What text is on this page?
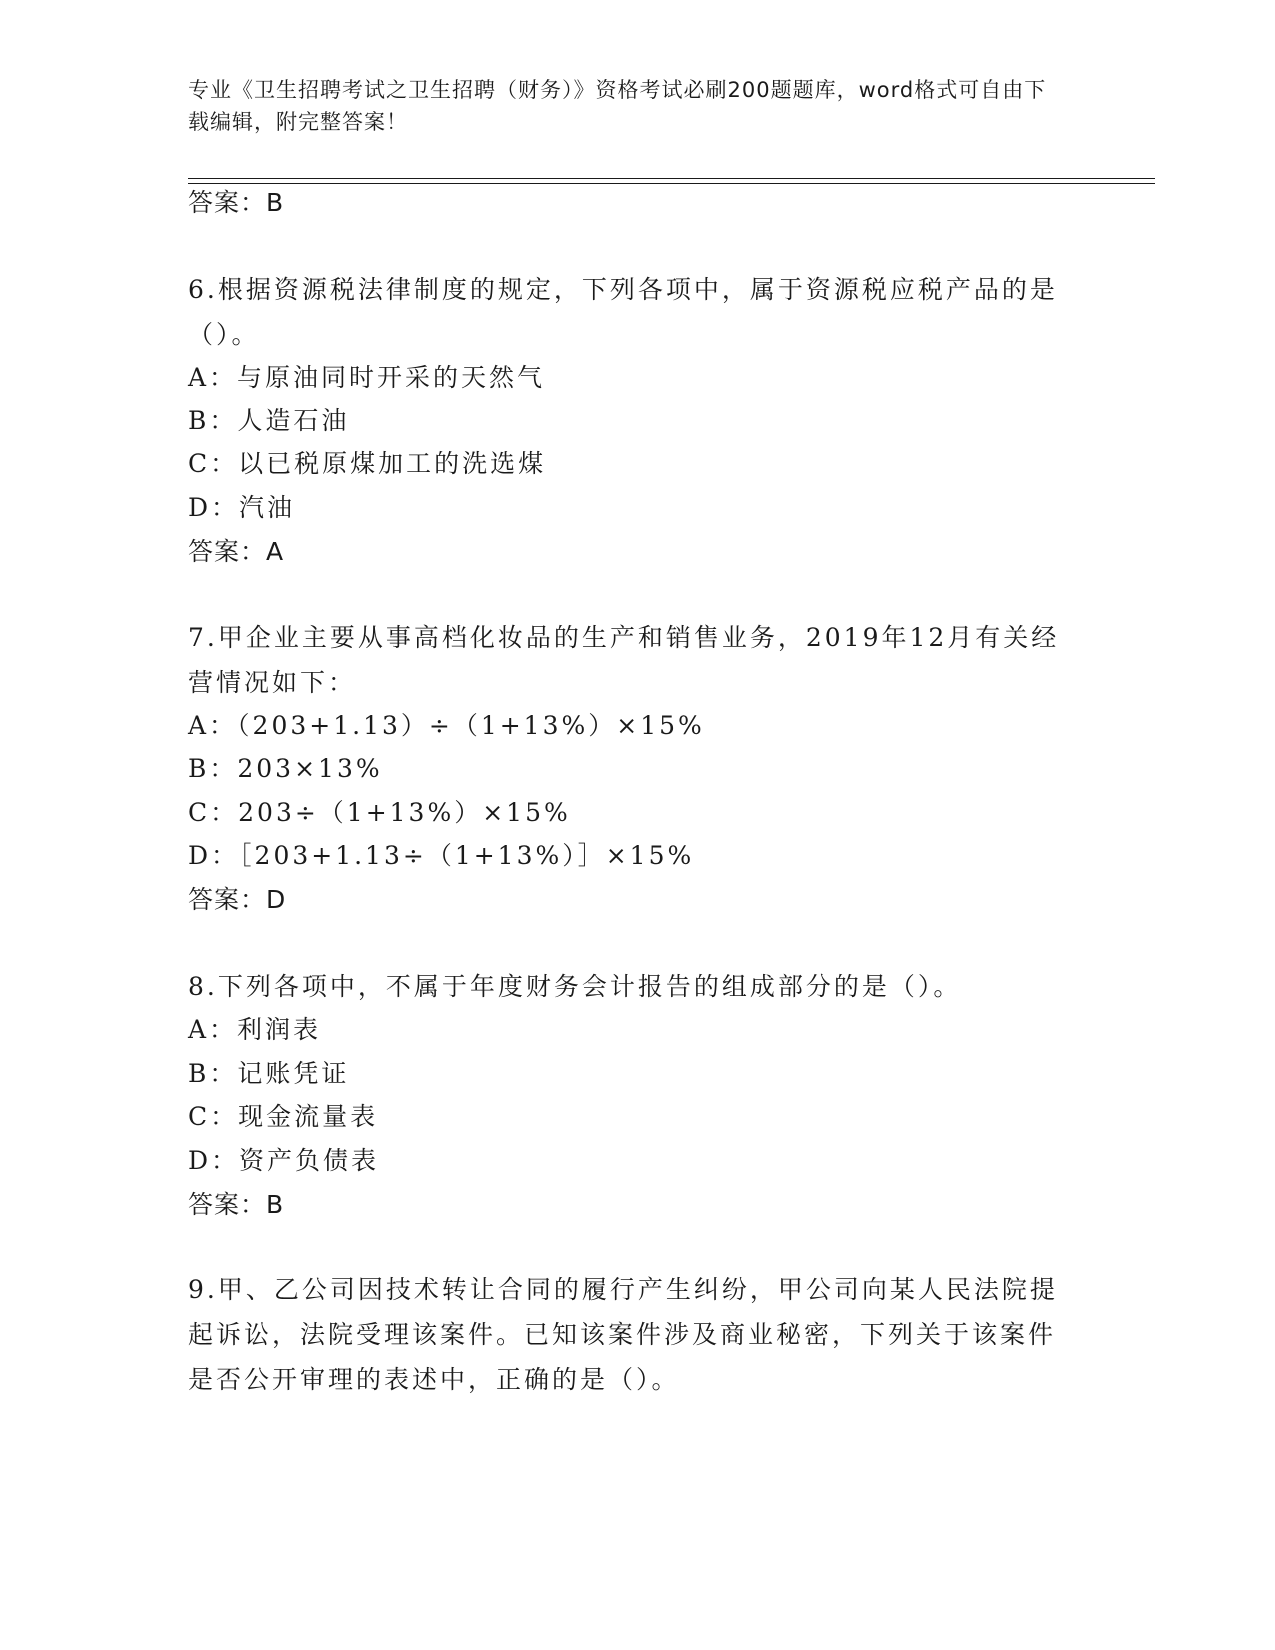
专业《卫生招聘考试之卫生招聘（财务）》资格考试必刷200题题库，word格式可自由下载编辑，附完整答案！
答案：B
6.根据资源税法律制度的规定，下列各项中，属于资源税应税产品的是（）。
A：与原油同时开采的天然气
B：人造石油
C：以已税原煤加工的洗选煤
D：汽油
答案：A
7.甲企业主要从事高档化妆品的生产和销售业务，2019年12月有关经营情况如下：
A：（203+1.13）÷（1+13%）×15%
B：203×13%
C：203÷（1+13%）×15%
D：［203+1.13÷（1+13%）］×15%
答案：D
8.下列各项中，不属于年度财务会计报告的组成部分的是（）。
A：利润表
B：记账凭证
C：现金流量表
D：资产负债表
答案：B
9.甲、乙公司因技术转让合同的履行产生纠纷，甲公司向某人民法院提起诉讼，法院受理该案件。已知该案件涉及商业秘密，下列关于该案件是否公开审理的表述中，正确的是（）。
